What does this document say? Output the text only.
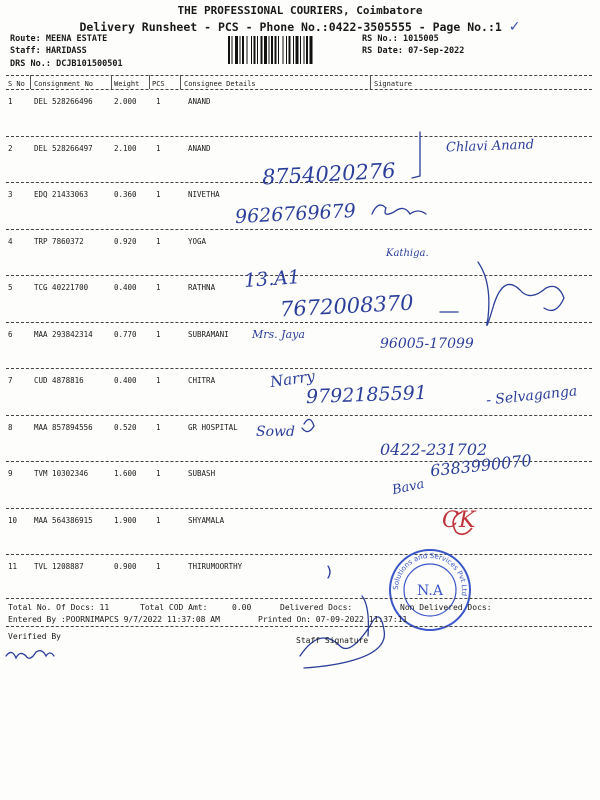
THE PROFESSIONAL COURIERS, Coimbatore
Delivery Runsheet - PCS - Phone No.:0422-3505555 - Page No.:1 ✓
Route: MEENA ESTATE
Staff: HARIDASS
DRS No.: DCJB101500501
RS No.: 1015005
RS Date: 07-Sep-2022
S No Consignment No	Weight PCS	Consignee Details	Signature
1	DEL 528266496	2.000	1	ANAND
2	DEL 528266497	2.100	1	ANAND
3	EDQ 21433063	0.360	1	NIVETHA
4	TRP 7860372	0.920	1	YOGA
5	TCG 40221700	0.400	1	RATHNA
6	MAA 293842314	0.770	1	SUBRAMANI
7	CUD 4878816	0.400	1	CHITRA
8	MAA 857894556	0.520	1	GR HOSPITAL
9	TVM 10302346	1.600	1	SUBASH
10 MAA 564386915	1.900	1	SHYAMALA
11 TVL 1208887	0.900	1	THIRUMOORTHY
Chlavi Anand
8754020276
9626769679
Kathiga.
13.A1
7672008370
Mrs. Jaya
96005-17099
Narry
9792185591	- Selvaganga
Sowd
0422-231702
6383990070
Bava
CK
Solutions and Services Pvt Ltd
N.A
Total No. Of Docs: 11	Total COD Amt:	0.00	Delivered Docs:	Non Delivered Docs:
Entered By :POORNIMAPCS 9/7/2022 11:37:08 AM	Printed On: 07-09-2022 11:37:11
Verified By	Staff Signature
